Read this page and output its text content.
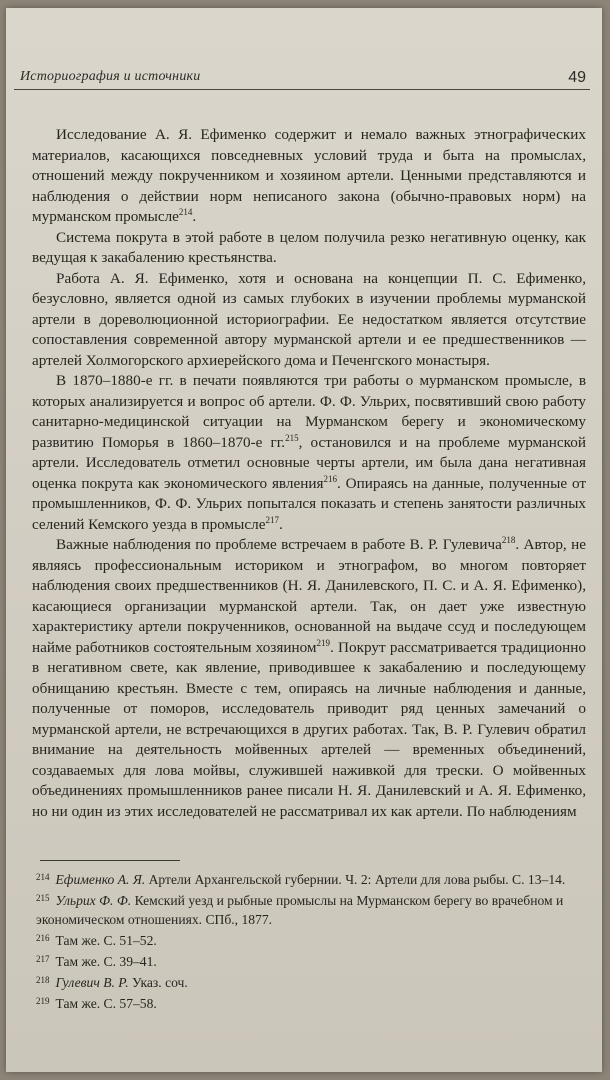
Историография и источники	49

Исследование А. Я. Ефименко содержит и немало важных этнографических материалов, касающихся повседневных условий труда и быта на промыслах, отношений между покрученником и хозяином артели. Ценными представляются и наблюдения о действии норм неписаного закона (обычно-правовых норм) на мурманском промысле$^{214}$.

Система покрута в этой работе в целом получила резко негативную оценку, как ведущая к закабалению крестьянства.

Работа А. Я. Ефименко, хотя и основана на концепции П. С. Ефименко, безусловно, является одной из самых глубоких в изучении проблемы мурманской артели в дореволюционной историографии. Ее недостатком является отсутствие сопоставления современной автору мурманской артели и ее предшественников — артелей Холмогорского архиерейского дома и Печенгского монастыря.

В 1870–1880-е гг. в печати появляются три работы о мурманском промысле, в которых анализируется и вопрос об артели. Ф. Ф. Ульрих, посвятивший свою работу санитарно-медицинской ситуации на Мурманском берегу и экономическому развитию Поморья в 1860–1870-е гг.$^{215}$, остановился и на проблеме мурманской артели. Исследователь отметил основные черты артели, им была дана негативная оценка покрута как экономического явления$^{216}$. Опираясь на данные, полученные от промышленников, Ф. Ф. Ульрих попытался показать и степень занятости различных селений Кемского уезда в промысле$^{217}$.

Важные наблюдения по проблеме встречаем в работе В. Р. Гулевича$^{218}$. Автор, не являясь профессиональным историком и этнографом, во многом повторяет наблюдения своих предшественников (Н. Я. Данилевского, П. С. и А. Я. Ефименко), касающиеся организации мурманской артели. Так, он дает уже известную характеристику артели покрученников, основанной на выдаче ссуд и последующем найме работников состоятельным хозяином$^{219}$. Покрут рассматривается традиционно в негативном свете, как явление, приводившее к закабалению и последующему обнищанию крестьян. Вместе с тем, опираясь на личные наблюдения и данные, полученные от поморов, исследователь приводит ряд ценных замечаний о мурманской артели, не встречающихся в других работах. Так, В. Р. Гулевич обратил внимание на деятельность мойвенных артелей — временных объединений, создаваемых для лова мойвы, служившей наживкой для трески. О мойвенных объединениях промышленников ранее писали Н. Я. Данилевский и А. Я. Ефименко, но ни один из этих исследователей не рассматривал их как артели. По наблюдениям

$^{214}$ Ефименко А. Я. Артели Архангельской губернии. Ч. 2: Артели для лова рыбы. С. 13–14.

$^{215}$ Ульрих Ф. Ф. Кемский уезд и рыбные промыслы на Мурманском берегу во врачебном и экономическом отношениях. СПб., 1877.

$^{216}$ Там же. С. 51–52.

$^{217}$ Там же. С. 39–41.

$^{218}$ Гулевич В. Р. Указ. соч.

$^{219}$ Там же. С. 57–58.
